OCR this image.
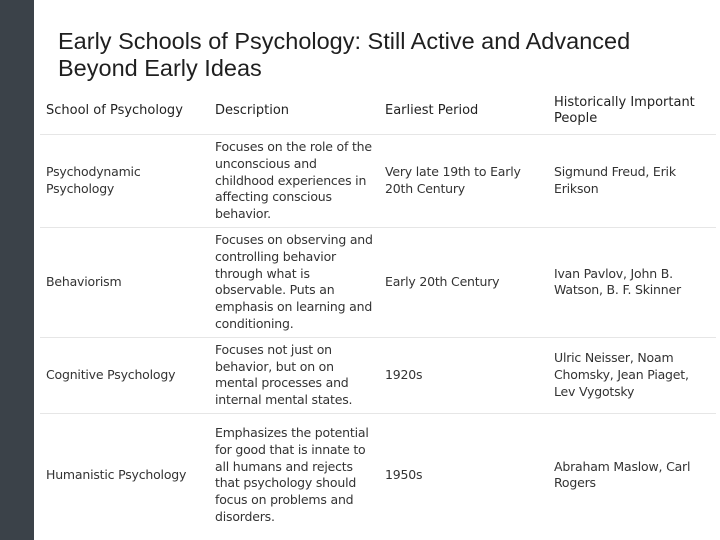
Early Schools of Psychology: Still Active and Advanced Beyond Early Ideas
School of Psychology	Description	Earliest Period	Historically Important People
Psychodynamic Psychology	Focuses on the role of the unconscious and childhood experiences in affecting conscious behavior.	Very late 19th to Early 20th Century	Sigmund Freud, Erik Erikson
Behaviorism	Focuses on observing and controlling behavior through what is observable. Puts an emphasis on learning and conditioning.	Early 20th Century	Ivan Pavlov, John B. Watson, B. F. Skinner
Cognitive Psychology	Focuses not just on behavior, but on on mental processes and internal mental states.	1920s	Ulric Neisser, Noam Chomsky, Jean Piaget, Lev Vygotsky
Humanistic Psychology	Emphasizes the potential for good that is innate to all humans and rejects that psychology should focus on problems and disorders.	1950s	Abraham Maslow, Carl Rogers
